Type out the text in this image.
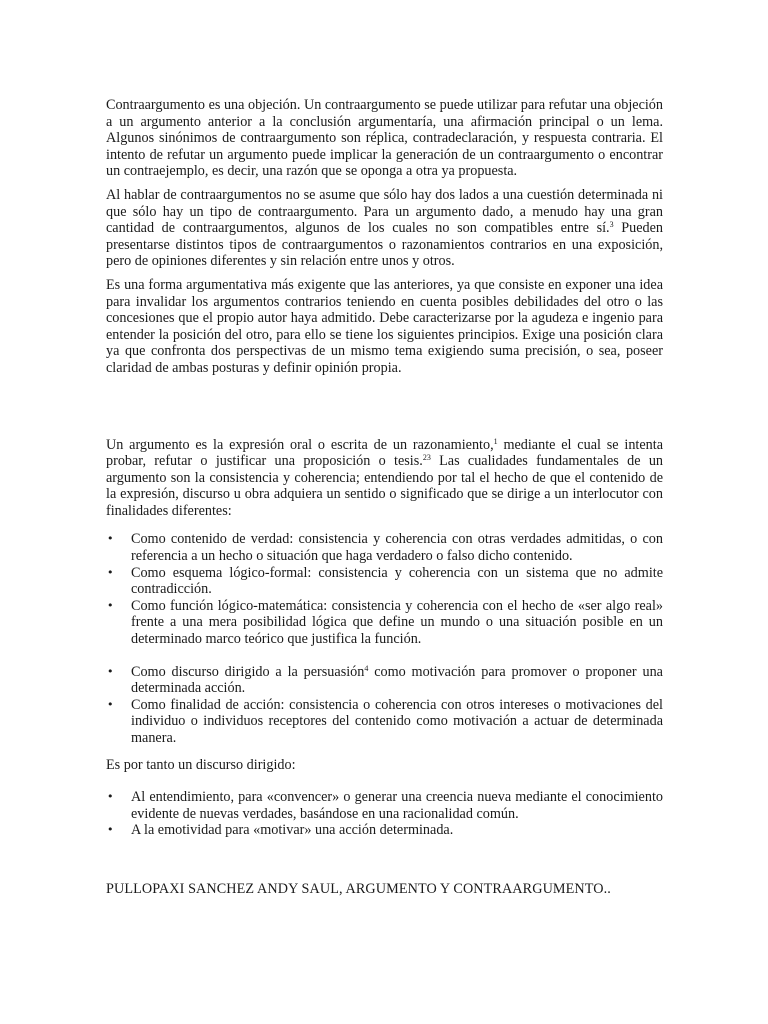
Contraargumento es una objeción. Un contraargumento se puede utilizar para refutar una objeción a un argumento anterior a la conclusión argumentaría, una afirmación principal o un lema. Algunos sinónimos de contraargumento son réplica, contradeclaración, y respuesta contraria. El intento de refutar un argumento puede implicar la generación de un contraargumento o encontrar un contraejemplo, es decir, una razón que se oponga a otra ya propuesta.

Al hablar de contraargumentos no se asume que sólo hay dos lados a una cuestión determinada ni que sólo hay un tipo de contraargumento. Para un argumento dado, a menudo hay una gran cantidad de contraargumentos, algunos de los cuales no son compatibles entre sí.$^3$ Pueden presentarse distintos tipos de contraargumentos o razonamientos contrarios en una exposición, pero de opiniones diferentes y sin relación entre unos y otros.

Es una forma argumentativa más exigente que las anteriores, ya que consiste en exponer una idea para invalidar los argumentos contrarios teniendo en cuenta posibles debilidades del otro o las concesiones que el propio autor haya admitido. Debe caracterizarse por la agudeza e ingenio para entender la posición del otro, para ello se tiene los siguientes principios. Exige una posición clara ya que confronta dos perspectivas de un mismo tema exigiendo suma precisión, o sea, poseer claridad de ambas posturas y definir opinión propia.

Un argumento es la expresión oral o escrita de un razonamiento,$^1$ mediante el cual se intenta probar, refutar o justificar una proposición o tesis.$^{23}$ Las cualidades fundamentales de un argumento son la consistencia y coherencia; entendiendo por tal el hecho de que el contenido de la expresión, discurso u obra adquiera un sentido o significado que se dirige a un interlocutor con finalidades diferentes:

• Como contenido de verdad: consistencia y coherencia con otras verdades admitidas, o con referencia a un hecho o situación que haga verdadero o falso dicho contenido.
• Como esquema lógico-formal: consistencia y coherencia con un sistema que no admite contradicción.
• Como función lógico-matemática: consistencia y coherencia con el hecho de «ser algo real» frente a una mera posibilidad lógica que define un mundo o una situación posible en un determinado marco teórico que justifica la función.
• Como discurso dirigido a la persuasión$^4$ como motivación para promover o proponer una determinada acción.
• Como finalidad de acción: consistencia o coherencia con otros intereses o motivaciones del individuo o individuos receptores del contenido como motivación a actuar de determinada manera.

Es por tanto un discurso dirigido:

• Al entendimiento, para «convencer» o generar una creencia nueva mediante el conocimiento evidente de nuevas verdades, basándose en una racionalidad común.
• A la emotividad para «motivar» una acción determinada.

PULLOPAXI SANCHEZ ANDY SAUL, ARGUMENTO Y CONTRAARGUMENTO..
